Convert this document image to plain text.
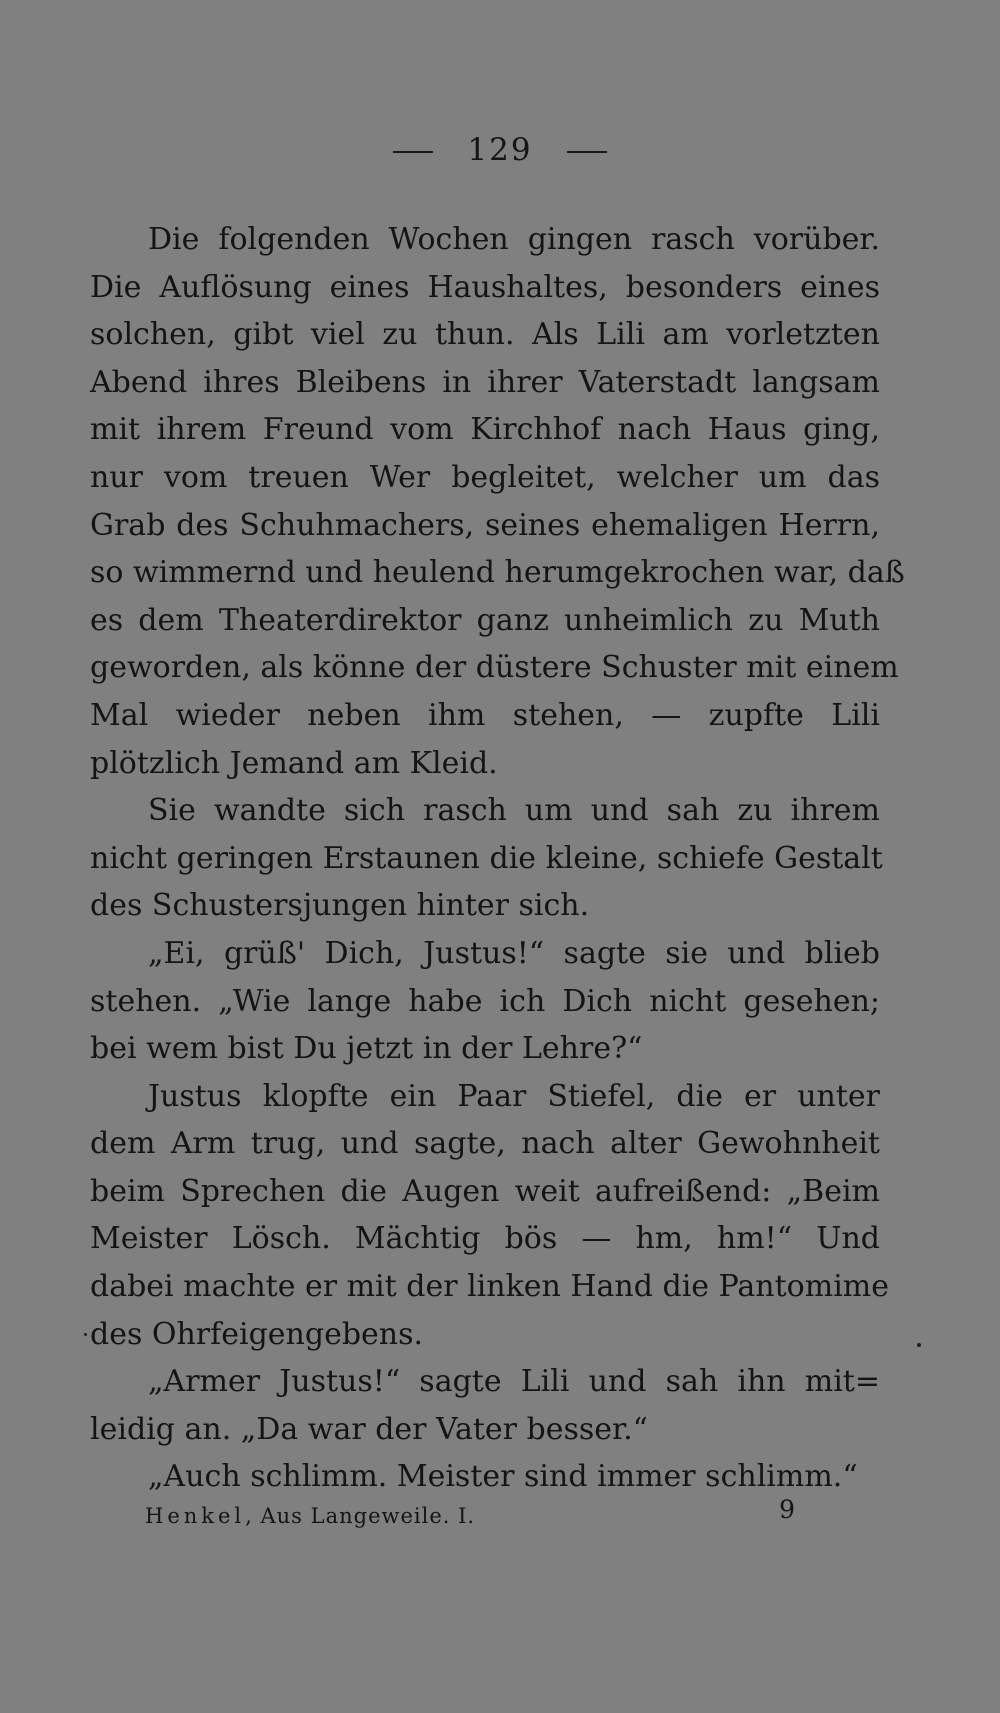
129
Die folgenden Wochen gingen rasch vorüber.
Die Auflösung eines Haushaltes, besonders eines
solchen, gibt viel zu thun. Als Lili am vorletzten
Abend ihres Bleibens in ihrer Vaterstadt langsam
mit ihrem Freund vom Kirchhof nach Haus ging,
nur vom treuen Wer begleitet, welcher um das
Grab des Schuhmachers, seines ehemaligen Herrn,
so wimmernd und heulend herumgekrochen war, daß
es dem Theaterdirektor ganz unheimlich zu Muth
geworden, als könne der düstere Schuster mit einem
Mal wieder neben ihm stehen, — zupfte Lili
plötzlich Jemand am Kleid.
Sie wandte sich rasch um und sah zu ihrem
nicht geringen Erstaunen die kleine, schiefe Gestalt
des Schustersjungen hinter sich.
„Ei, grüß' Dich, Justus!“ sagte sie und blieb
stehen. „Wie lange habe ich Dich nicht gesehen;
bei wem bist Du jetzt in der Lehre?“
Justus klopfte ein Paar Stiefel, die er unter
dem Arm trug, und sagte, nach alter Gewohnheit
beim Sprechen die Augen weit aufreißend: „Beim
Meister Lösch. Mächtig bös — hm, hm!“ Und
dabei machte er mit der linken Hand die Pantomime
des Ohrfeigengebens.
„Armer Justus!“ sagte Lili und sah ihn mit=
leidig an. „Da war der Vater besser.“
„Auch schlimm. Meister sind immer schlimm.“
Henkel, Aus Langeweile. I.	9
